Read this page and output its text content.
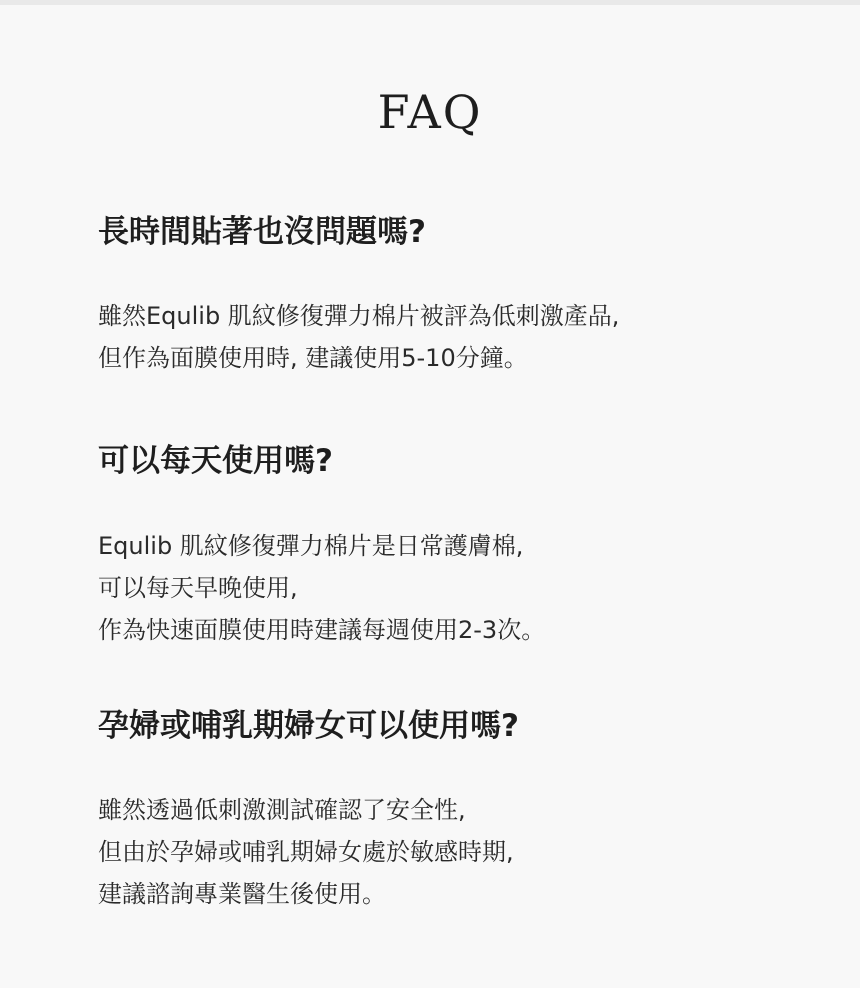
FAQ
長時間貼著也沒問題嗎?
雖然Equlib 肌紋修復彈力棉片被評為低刺激產品,
但作為面膜使用時, 建議使用5-10分鐘。
可以每天使用嗎?
Equlib 肌紋修復彈力棉片是日常護膚棉,
可以每天早晚使用,
作為快速面膜使用時建議每週使用2-3次。
孕婦或哺乳期婦女可以使用嗎?
雖然透過低刺激測試確認了安全性,
但由於孕婦或哺乳期婦女處於敏感時期,
建議諮詢專業醫生後使用。
